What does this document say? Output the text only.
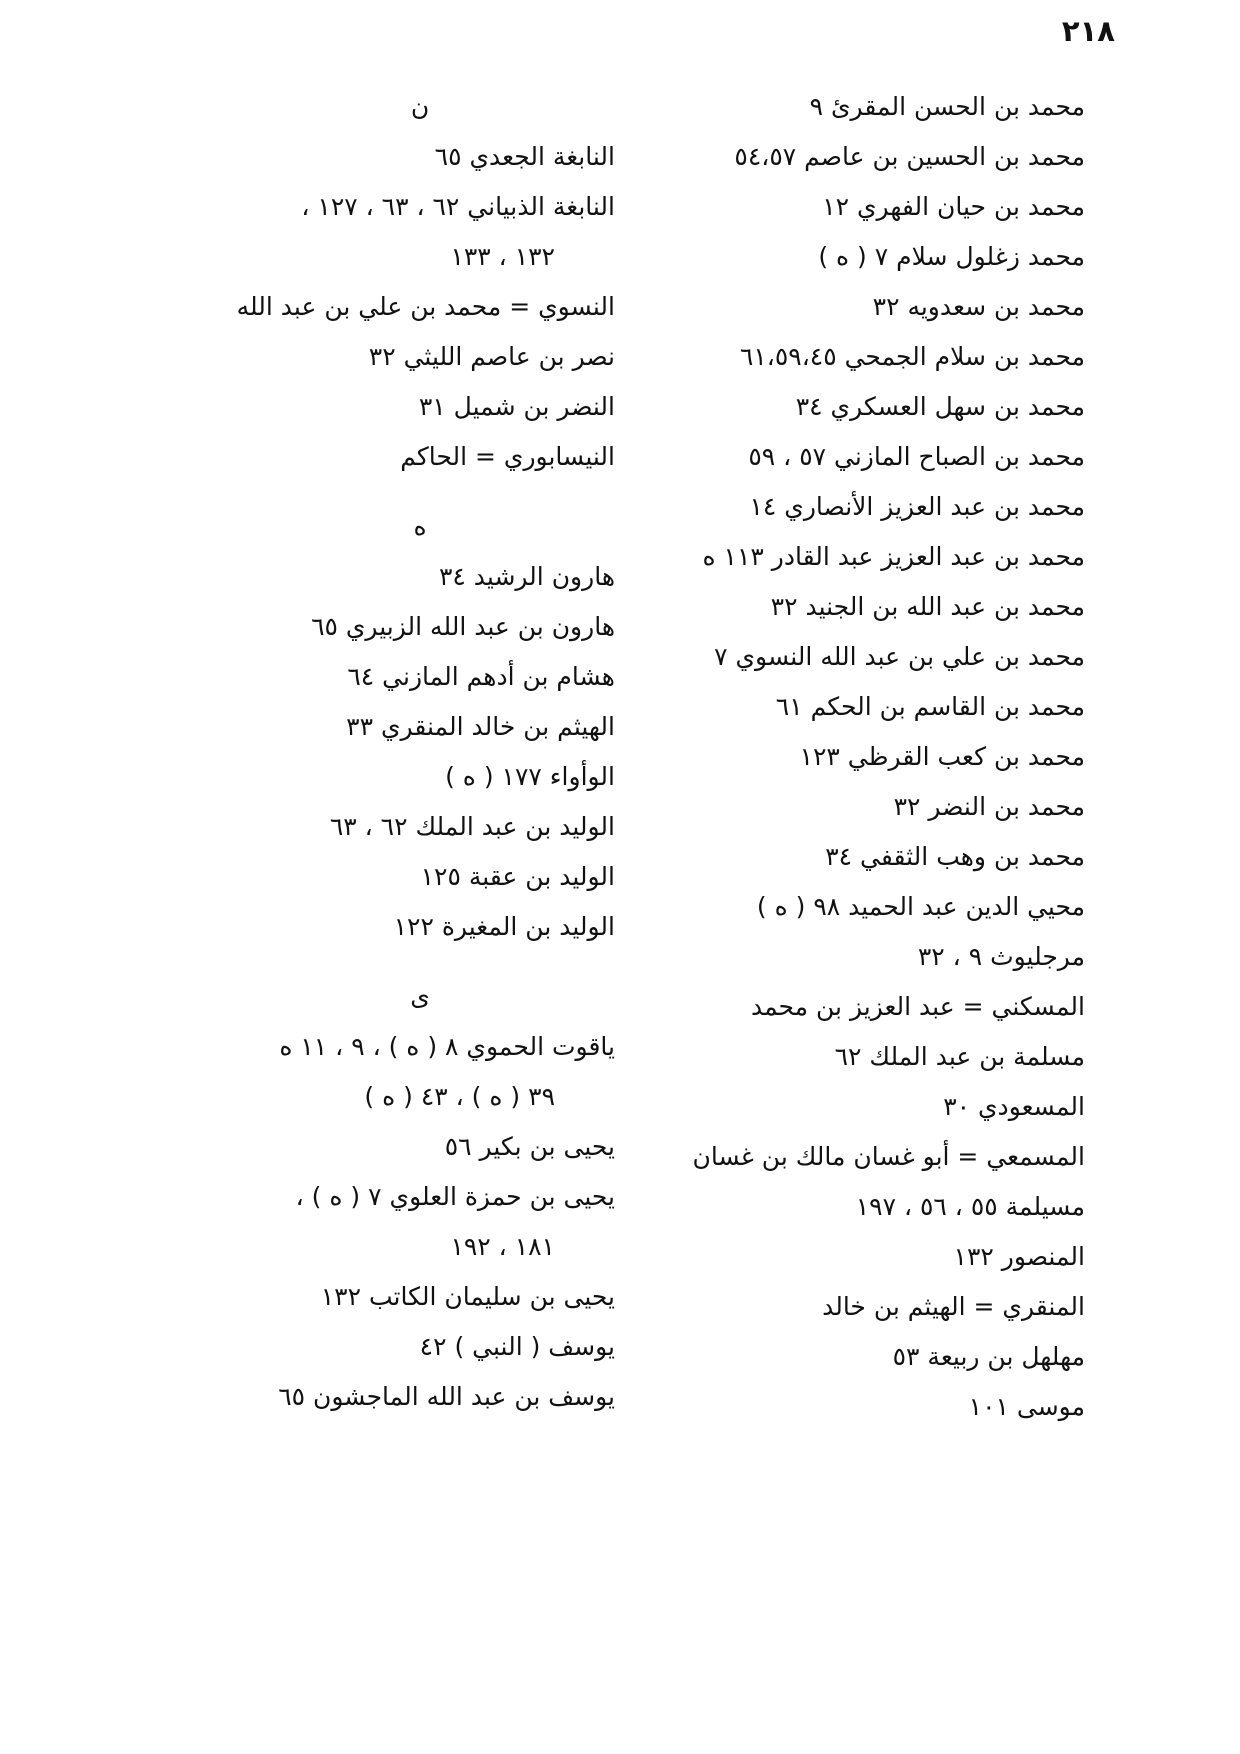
٢١٨
محمد بن الحسن المقرئ ٩
محمد بن الحسين بن عاصم ٥٤،٥٧
محمد بن حيان الفهري ١٢
محمد زغلول سلام ٧ ( ه )
محمد بن سعدويه ٣٢
محمد بن سلام الجمحي ٦١،٥٩،٤٥
محمد بن سهل العسكري ٣٤
محمد بن الصباح المازني ٥٧ ، ٥٩
محمد بن عبد العزيز الأنصاري ١٤
محمد بن عبد العزيز عبد القادر ١١٣ ه
محمد بن عبد الله بن الجنيد ٣٢
محمد بن علي بن عبد الله النسوي ٧
محمد بن القاسم بن الحكم ٦١
محمد بن كعب القرظي ١٢٣
محمد بن النضر ٣٢
محمد بن وهب الثقفي ٣٤
محيي الدين عبد الحميد ٩٨ ( ه )
مرجليوث ٩ ، ٣٢
المسكني = عبد العزيز بن محمد
مسلمة بن عبد الملك ٦٢
المسعودي ٣٠
المسمعي = أبو غسان مالك بن غسان
مسيلمة ٥٥ ، ٥٦ ، ١٩٧
المنصور ١٣٢
المنقري = الهيثم بن خالد
مهلهل بن ربيعة ٥٣
موسى ١٠١
ن
النابغة الجعدي ٦٥
النابغة الذبياني ٦٢ ، ٦٣ ، ١٢٧ ،
١٣٢ ، ١٣٣
النسوي = محمد بن علي بن عبد الله
نصر بن عاصم الليثي ٣٢
النضر بن شميل ٣١
النيسابوري = الحاكم
ه
هارون الرشيد ٣٤
هارون بن عبد الله الزبيري ٦٥
هشام بن أدهم المازني ٦٤
الهيثم بن خالد المنقري ٣٣
الوأواء ١٧٧ ( ه )
الوليد بن عبد الملك ٦٢ ، ٦٣
الوليد بن عقبة ١٢٥
الوليد بن المغيرة ١٢٢
ى
ياقوت الحموي ٨ ( ه ) ، ٩ ، ١١ ه
٣٩ ( ه ) ، ٤٣ ( ه )
يحيى بن بكير ٥٦
يحيى بن حمزة العلوي ٧ ( ه ) ،
١٨١ ، ١٩٢
يحيى بن سليمان الكاتب ١٣٢
يوسف ( النبي ) ٤٢
يوسف بن عبد الله الماجشون ٦٥
